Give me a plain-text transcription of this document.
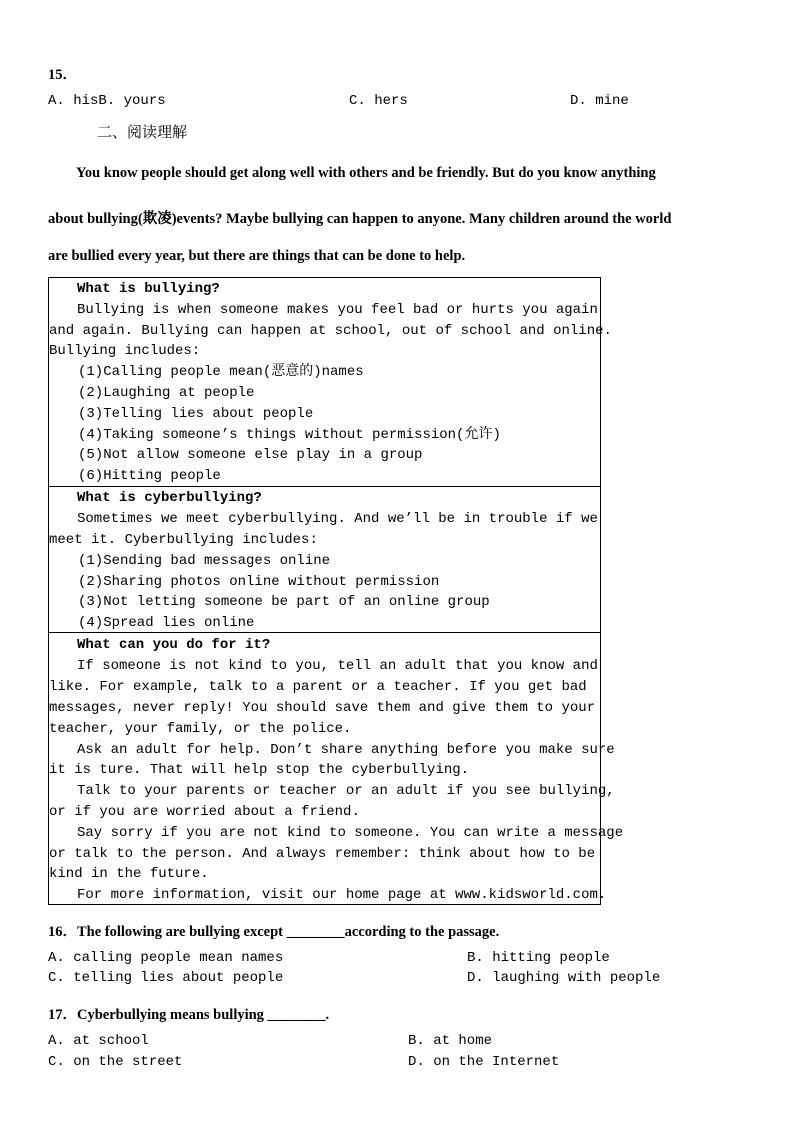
15．
A. hisB. yours	C. hers	D. mine
二、阅读理解
You know people should get along well with others and be friendly. But do you know anything
about bullying(欺凌)events? Maybe bullying can happen to anyone. Many children around the world
are bullied every year, but there are things that can be done to help.
What is bullying?
Bullying is when someone makes you feel bad or hurts you again
and again. Bullying can happen at school, out of school and online.
Bullying includes:
(1)Calling people mean(恶意的)names
(2)Laughing at people
(3)Telling lies about people
(4)Taking someone’s things without permission(允许)
(5)Not allow someone else play in a group
(6)Hitting people
What is cyberbullying?
Sometimes we meet cyberbullying. And we’ll be in trouble if we
meet it. Cyberbullying includes:
(1)Sending bad messages online
(2)Sharing photos online without permission
(3)Not letting someone be part of an online group
(4)Spread lies online
What can you do for it?
If someone is not kind to you, tell an adult that you know and
like. For example, talk to a parent or a teacher. If you get bad
messages, never reply! You should save them and give them to your
teacher, your family, or the police.
Ask an adult for help. Don’t share anything before you make sure
it is ture. That will help stop the cyberbullying.
Talk to your parents or teacher or an adult if you see bullying,
or if you are worried about a friend.
Say sorry if you are not kind to someone. You can write a message
or talk to the person. And always remember: think about how to be
kind in the future.
For more information, visit our home page at www.kidsworld.com.
16．The following are bullying except ________according to the passage.
A. calling people mean names	B. hitting people
C. telling lies about people	D. laughing with people
17．Cyberbullying means bullying ________.
A. at school	B. at home
C. on the street	D. on the Internet
